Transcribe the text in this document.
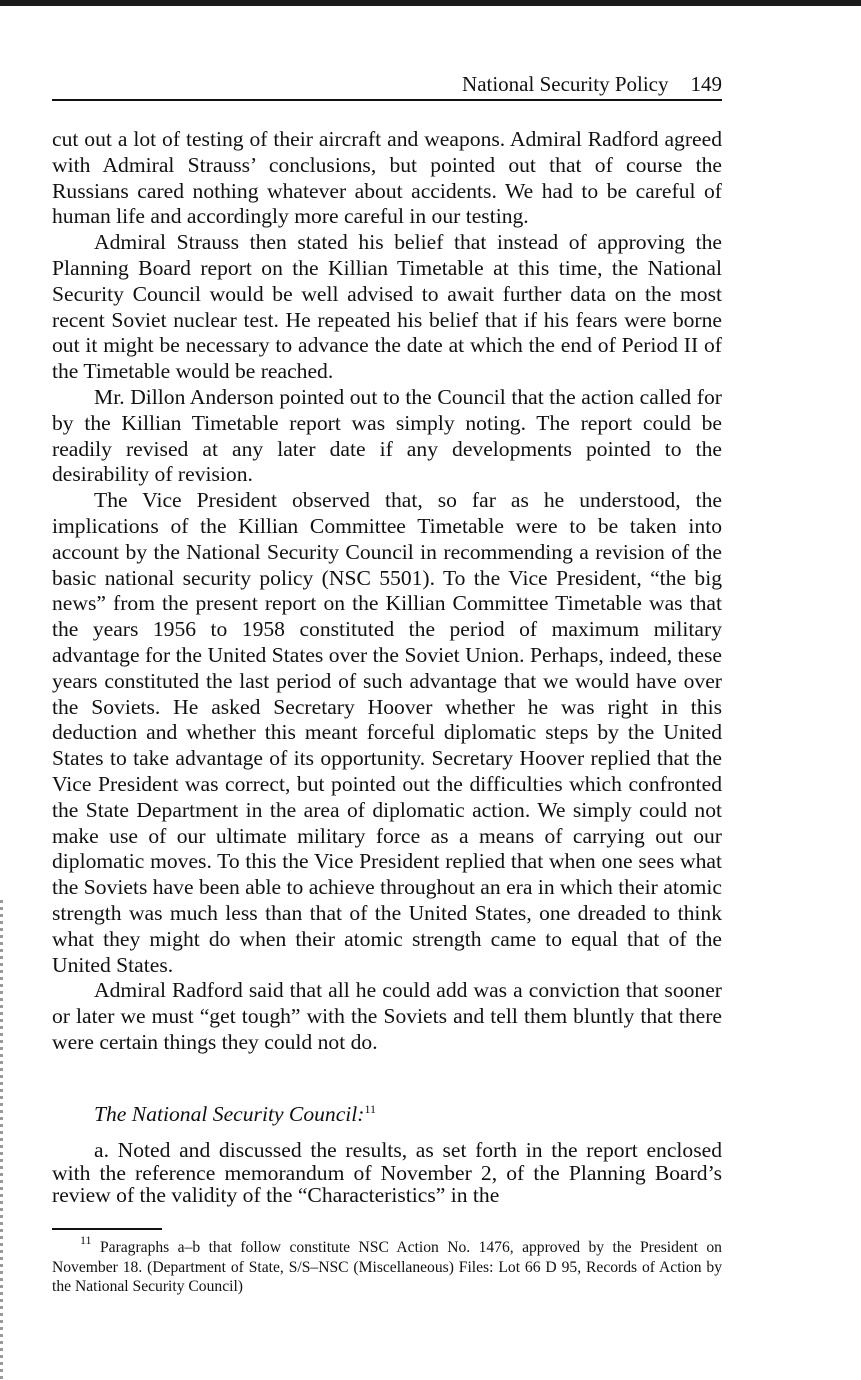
National Security Policy 149

cut out a lot of testing of their aircraft and weapons. Admiral Radford agreed with Admiral Strauss’ conclusions, but pointed out that of course the Russians cared nothing whatever about accidents. We had to be careful of human life and accordingly more careful in our testing.

Admiral Strauss then stated his belief that instead of approving the Planning Board report on the Killian Timetable at this time, the National Security Council would be well advised to await further data on the most recent Soviet nuclear test. He repeated his belief that if his fears were borne out it might be necessary to advance the date at which the end of Period II of the Timetable would be reached.

Mr. Dillon Anderson pointed out to the Council that the action called for by the Killian Timetable report was simply noting. The report could be readily revised at any later date if any developments pointed to the desirability of revision.

The Vice President observed that, so far as he understood, the implications of the Killian Committee Timetable were to be taken into account by the National Security Council in recommending a revision of the basic national security policy (NSC 5501). To the Vice President, “the big news” from the present report on the Killian Committee Timetable was that the years 1956 to 1958 constituted the period of maximum military advantage for the United States over the Soviet Union. Perhaps, indeed, these years constituted the last period of such advantage that we would have over the Soviets. He asked Secretary Hoover whether he was right in this deduction and whether this meant forceful diplomatic steps by the United States to take advantage of its opportunity. Secretary Hoover replied that the Vice President was correct, but pointed out the difficulties which confronted the State Department in the area of diplomatic action. We simply could not make use of our ultimate military force as a means of carrying out our diplomatic moves. To this the Vice President replied that when one sees what the Soviets have been able to achieve throughout an era in which their atomic strength was much less than that of the United States, one dreaded to think what they might do when their atomic strength came to equal that of the United States.

Admiral Radford said that all he could add was a conviction that sooner or later we must “get tough” with the Soviets and tell them bluntly that there were certain things they could not do.

The National Security Council:$^{11}$

a. Noted and discussed the results, as set forth in the report enclosed with the reference memorandum of November 2, of the Planning Board’s review of the validity of the “Characteristics” in the

$^{11}$ Paragraphs a–b that follow constitute NSC Action No. 1476, approved by the President on November 18. (Department of State, S/S–NSC (Miscellaneous) Files: Lot 66 D 95, Records of Action by the National Security Council)
